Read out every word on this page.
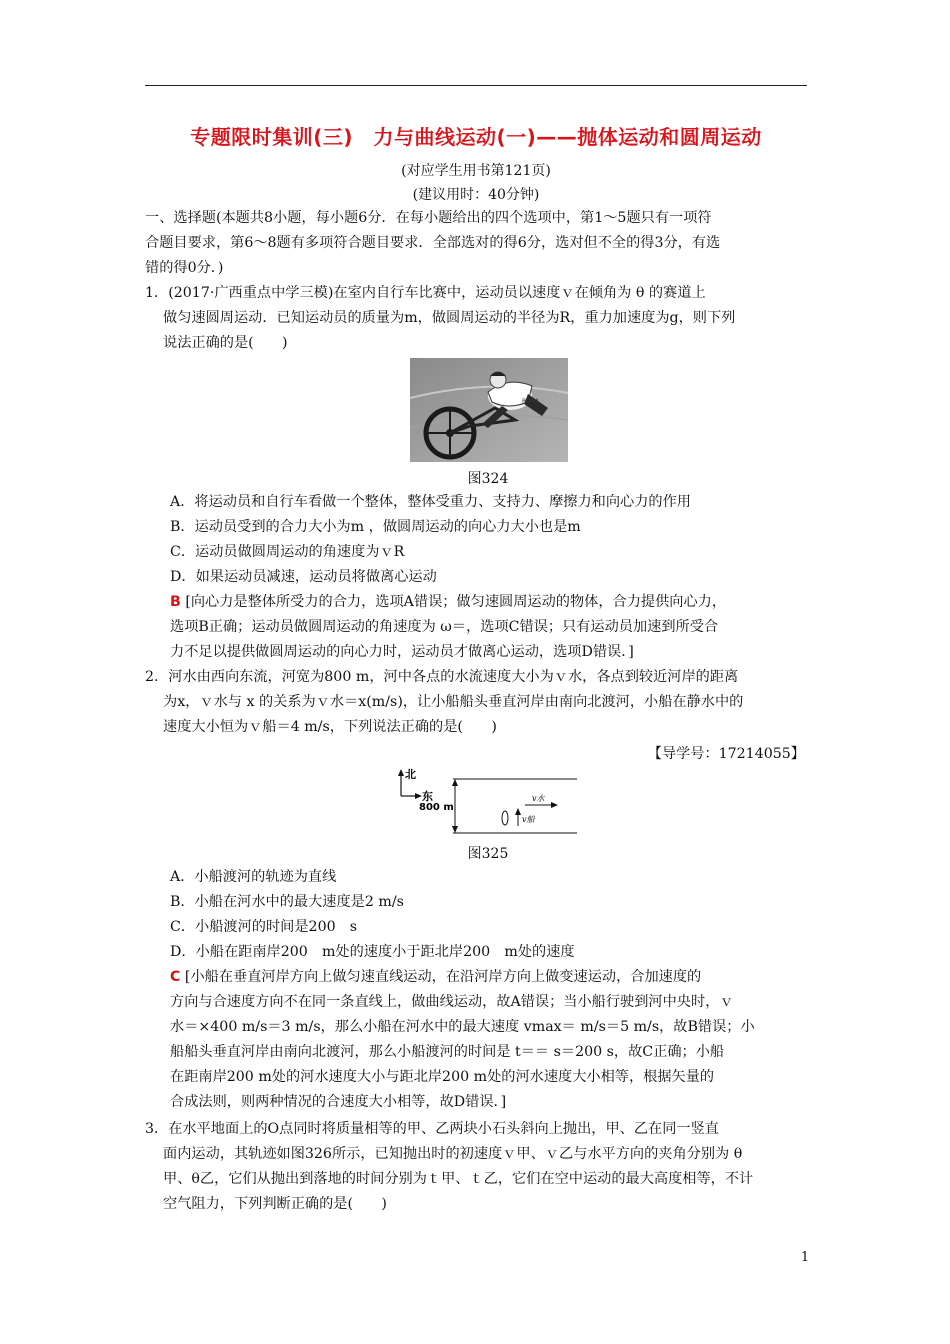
专题限时集训(三)　力与曲线运动(一)——抛体运动和圆周运动
(对应学生用书第121页)
(建议用时：40分钟)
一、选择题(本题共8小题，每小题6分．在每小题给出的四个选项中，第1～5题只有一项符
合题目要求，第6～8题有多项符合题目要求．全部选对的得6分，选对但不全的得3分，有选
错的得0分．)
1．(2017·广西重点中学三模)在室内自行车比赛中，运动员以速度ｖ在倾角为 θ 的赛道上
做匀速圆周运动．已知运动员的质量为m，做圆周运动的半径为R，重力加速度为g，则下列
说法正确的是(　　)
ROBA
图324
A．将运动员和自行车看做一个整体，整体受重力、支持力、摩擦力和向心力的作用
B．运动员受到的合力大小为m ，做圆周运动的向心力大小也是m
C．运动员做圆周运动的角速度为ｖR
D．如果运动员减速，运动员将做离心运动
B [向心力是整体所受力的合力，选项A错误；做匀速圆周运动的物体，合力提供向心力，
选项B正确；运动员做圆周运动的角速度为 ω＝，选项C错误；只有运动员加速到所受合
力不足以提供做圆周运动的向心力时，运动员才做离心运动，选项D错误．]
2．河水由西向东流，河宽为800 m，河中各点的水流速度大小为ｖ水，各点到较近河岸的距离
为x，ｖ水与 x 的关系为ｖ水＝x(m/s)，让小船船头垂直河岸由南向北渡河，小船在静水中的
速度大小恒为ｖ船＝4 m/s，下列说法正确的是(　　)
【导学号：17214055】
北
东
800 m
v水
v船
图325
A．小船渡河的轨迹为直线
B．小船在河水中的最大速度是2 m/s
C．小船渡河的时间是200　s
D．小船在距南岸200　m处的速度小于距北岸200　m处的速度
C [小船在垂直河岸方向上做匀速直线运动，在沿河岸方向上做变速运动，合加速度的
方向与合速度方向不在同一条直线上，做曲线运动，故A错误；当小船行驶到河中央时，ｖ
水＝×400 m/s＝3 m/s，那么小船在河水中的最大速度 vmax＝ m/s＝5 m/s，故B错误；小
船船头垂直河岸由南向北渡河，那么小船渡河的时间是 t＝＝ s＝200 s，故C正确；小船
在距南岸200 m处的河水速度大小与距北岸200 m处的河水速度大小相等，根据矢量的
合成法则，则两种情况的合速度大小相等，故D错误．]
3．在水平地面上的O点同时将质量相等的甲、乙两块小石头斜向上抛出，甲、乙在同一竖直
面内运动，其轨迹如图326所示，已知抛出时的初速度ｖ甲、ｖ乙与水平方向的夹角分别为 θ
甲、θ乙，它们从抛出到落地的时间分别为ｔ甲、ｔ乙，它们在空中运动的最大高度相等，不计
空气阻力，下列判断正确的是(　　)
1
